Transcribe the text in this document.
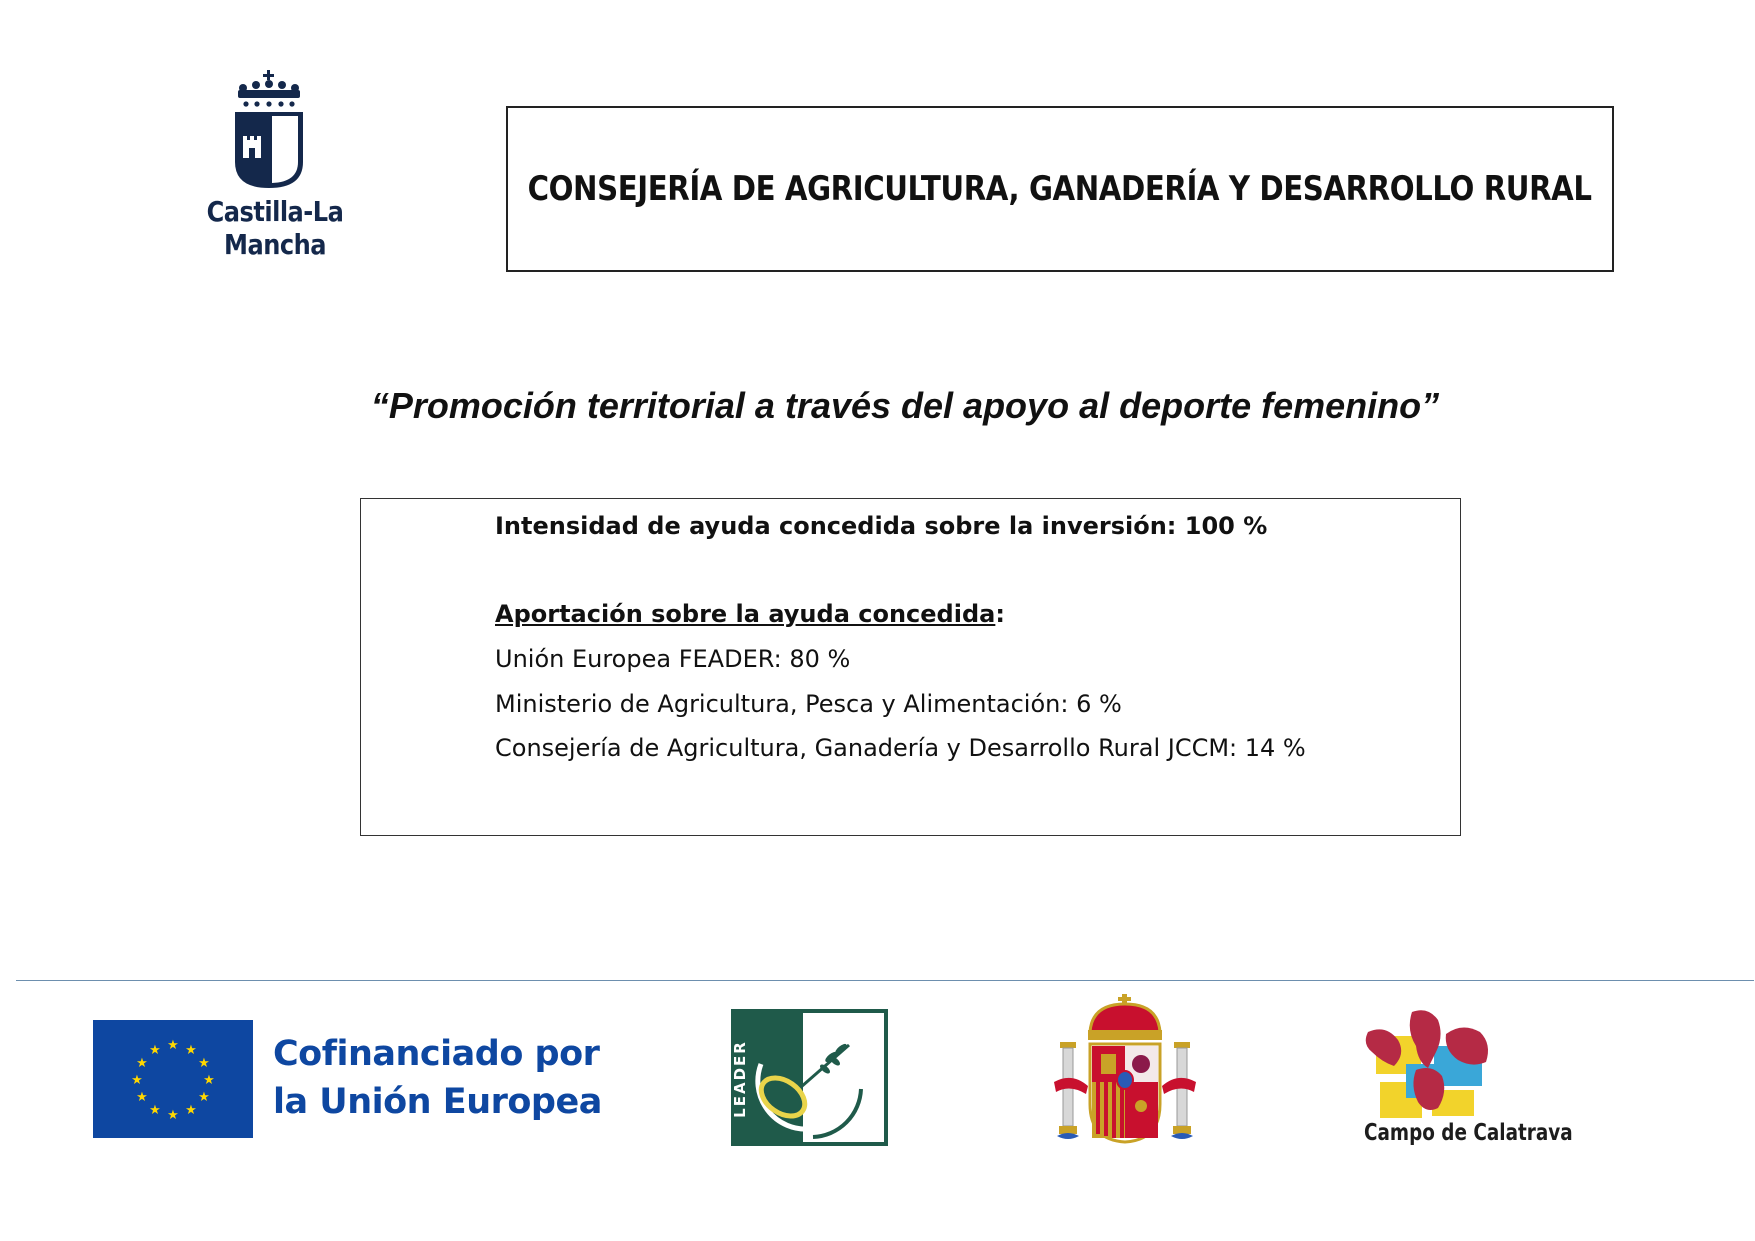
Castilla-La Mancha
CONSEJERÍA DE AGRICULTURA, GANADERÍA Y DESARROLLO RURAL
“Promoción territorial a través del apoyo al deporte femenino”
Intensidad de ayuda concedida sobre la inversión: 100 %
Aportación sobre la ayuda concedida:
Unión Europea FEADER: 80 %
Ministerio de Agricultura, Pesca y Alimentación: 6 %
Consejería de Agricultura, Ganadería y Desarrollo Rural JCCM: 14 %
★ ★
★
★
★
★
★
★
★
★
★
★	Cofinanciado por
la Unión Europea	LEADER
Campo de Calatrava
